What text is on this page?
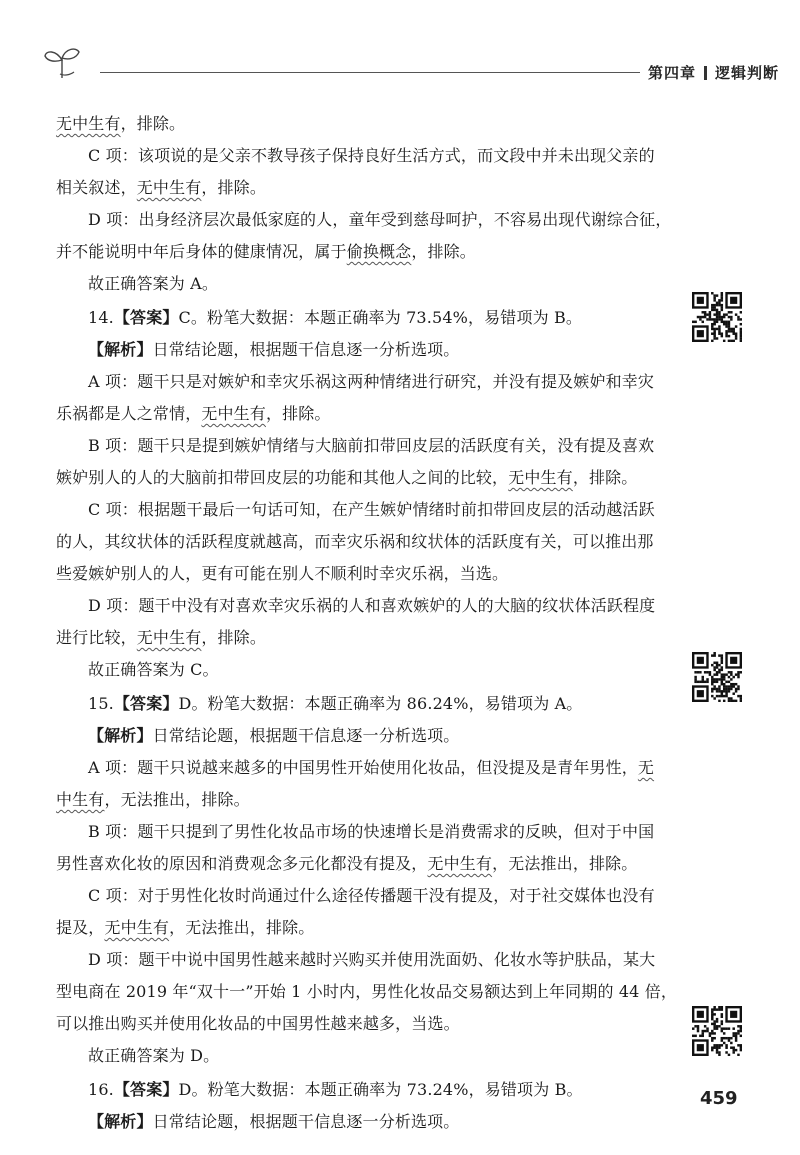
第四章 逻辑判断
无中生有，排除。
C 项：该项说的是父亲不教导孩子保持良好生活方式，而文段中并未出现父亲的
相关叙述，无中生有，排除。
D 项：出身经济层次最低家庭的人，童年受到慈母呵护，不容易出现代谢综合征，
并不能说明中年后身体的健康情况，属于偷换概念，排除。
故正确答案为 A。
14.【答案】C。粉笔大数据：本题正确率为 73.54%，易错项为 B。
【解析】日常结论题，根据题干信息逐一分析选项。
A 项：题干只是对嫉妒和幸灾乐祸这两种情绪进行研究，并没有提及嫉妒和幸灾
乐祸都是人之常情，无中生有，排除。
B 项：题干只是提到嫉妒情绪与大脑前扣带回皮层的活跃度有关，没有提及喜欢
嫉妒别人的人的大脑前扣带回皮层的功能和其他人之间的比较，无中生有，排除。
C 项：根据题干最后一句话可知，在产生嫉妒情绪时前扣带回皮层的活动越活跃
的人，其纹状体的活跃程度就越高，而幸灾乐祸和纹状体的活跃度有关，可以推出那
些爱嫉妒别人的人，更有可能在别人不顺利时幸灾乐祸，当选。
D 项：题干中没有对喜欢幸灾乐祸的人和喜欢嫉妒的人的大脑的纹状体活跃程度
进行比较，无中生有，排除。
故正确答案为 C。
15.【答案】D。粉笔大数据：本题正确率为 86.24%，易错项为 A。
【解析】日常结论题，根据题干信息逐一分析选项。
A 项：题干只说越来越多的中国男性开始使用化妆品，但没提及是青年男性，无
中生有，无法推出，排除。
B 项：题干只提到了男性化妆品市场的快速增长是消费需求的反映，但对于中国
男性喜欢化妆的原因和消费观念多元化都没有提及，无中生有，无法推出，排除。
C 项：对于男性化妆时尚通过什么途径传播题干没有提及，对于社交媒体也没有
提及，无中生有，无法推出，排除。
D 项：题干中说中国男性越来越时兴购买并使用洗面奶、化妆水等护肤品，某大
型电商在 2019 年“双十一”开始 1 小时内，男性化妆品交易额达到上年同期的 44 倍，
可以推出购买并使用化妆品的中国男性越来越多，当选。
故正确答案为 D。
16.【答案】D。粉笔大数据：本题正确率为 73.24%，易错项为 B。
【解析】日常结论题，根据题干信息逐一分析选项。
459
